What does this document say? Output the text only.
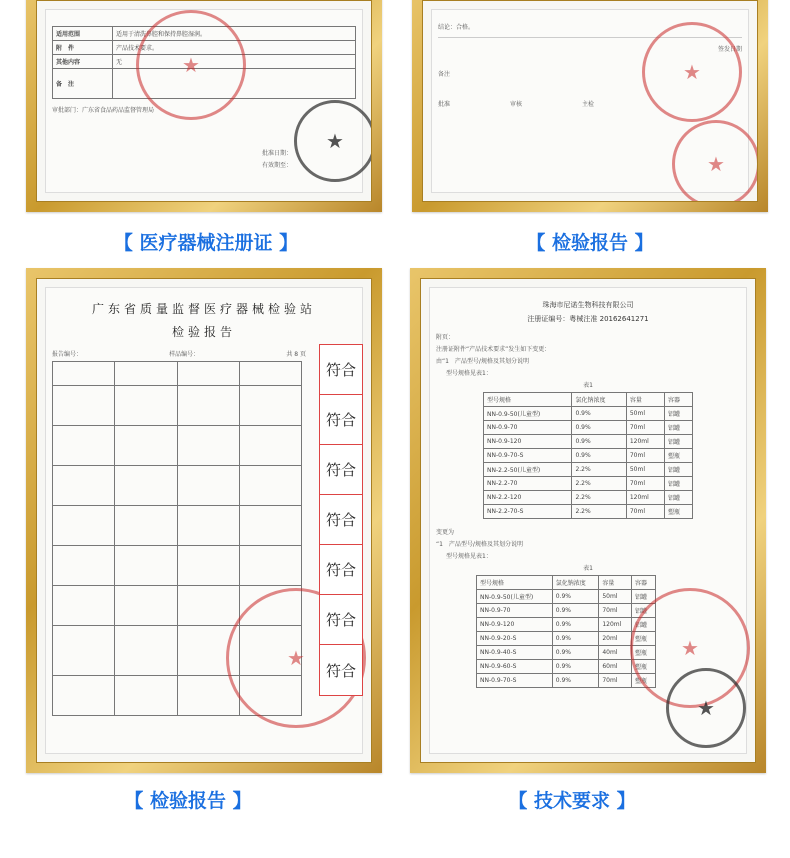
适用范围	适用于清洗鼻腔和保持鼻腔湿润。
附　件	产品技术要求。
其他内容	无
备　注	
审批部门：广东省食品药品监督管理局
批准日期：
有效期至：
★
★
【 医疗器械注册证 】
结论：合格。
签发日期
备注
批准	审核	主检
★
★
【 检验报告 】
广东省质量监督医疗器械检验站
检验报告
报告编号：	样品编号：	共 8 页

★
符合
符合
符合
符合
符合
符合
符合
【 检验报告 】
珠海市尼诺生物科技有限公司
注册证编号：粤械注准 20162641271
附页：
注册证附件“产品技术要求”发生如下变更：
由“1　产品型号/规格及其划分说明
型号规格见表1：
表1
型号规格	氯化钠浓度	容量	容器
NN-0.9-50(儿童型)	0.9%	50ml	铝罐
NN-0.9-70	0.9%	70ml	铝罐
NN-0.9-120	0.9%	120ml	铝罐
NN-0.9-70-S	0.9%	70ml	塑瓶
NN-2.2-50(儿童型)	2.2%	50ml	铝罐
NN-2.2-70	2.2%	70ml	铝罐
NN-2.2-120	2.2%	120ml	铝罐
NN-2.2-70-S	2.2%	70ml	塑瓶
变更为
“1　产品型号/规格及其划分说明
型号规格见表1：
表1
型号规格	氯化钠浓度	容量	容器
NN-0.9-50(儿童型)	0.9%	50ml	铝罐
NN-0.9-70	0.9%	70ml	铝罐
NN-0.9-120	0.9%	120ml	铝罐
NN-0.9-20-S	0.9%	20ml	塑瓶
NN-0.9-40-S	0.9%	40ml	塑瓶
NN-0.9-60-S	0.9%	60ml	塑瓶
NN-0.9-70-S	0.9%	70ml	塑瓶
★
★
【 技术要求 】
